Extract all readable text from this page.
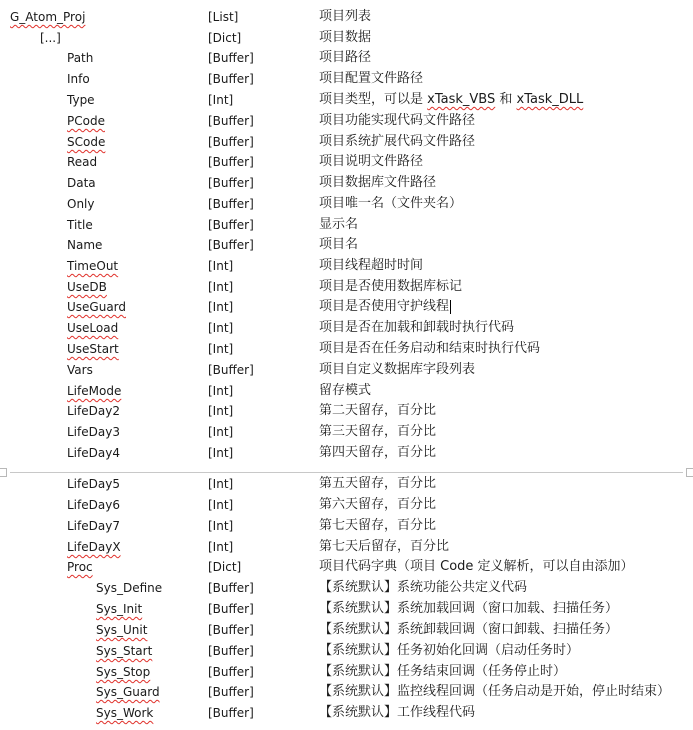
G_Atom_Proj	[List]	项目列表
[...]	[Dict]	项目数据
Path	[Buffer]	项目路径
Info	[Buffer]	项目配置文件路径
Type	[Int]	项目类型，可以是 xTask_VBS 和 xTask_DLL
PCode	[Buffer]	项目功能实现代码文件路径
SCode	[Buffer]	项目系统扩展代码文件路径
Read	[Buffer]	项目说明文件路径
Data	[Buffer]	项目数据库文件路径
Only	[Buffer]	项目唯一名（文件夹名）
Title	[Buffer]	显示名
Name	[Buffer]	项目名
TimeOut	[Int]	项目线程超时时间
UseDB	[Int]	项目是否使用数据库标记
UseGuard	[Int]	项目是否使用守护线程
UseLoad	[Int]	项目是否在加载和卸载时执行代码
UseStart	[Int]	项目是否在任务启动和结束时执行代码
Vars	[Buffer]	项目自定义数据库字段列表
LifeMode	[Int]	留存模式
LifeDay2	[Int]	第二天留存，百分比
LifeDay3	[Int]	第三天留存，百分比
LifeDay4	[Int]	第四天留存，百分比
LifeDay5	[Int]	第五天留存，百分比
LifeDay6	[Int]	第六天留存，百分比
LifeDay7	[Int]	第七天留存，百分比
LifeDayX	[Int]	第七天后留存，百分比
Proc	[Dict]	项目代码字典（项目 Code 定义解析，可以自由添加）
Sys_Define	[Buffer]	【系统默认】系统功能公共定义代码
Sys_Init	[Buffer]	【系统默认】系统加载回调（窗口加载、扫描任务）
Sys_Unit	[Buffer]	【系统默认】系统卸载回调（窗口卸载、扫描任务）
Sys_Start	[Buffer]	【系统默认】任务初始化回调（启动任务时）
Sys_Stop	[Buffer]	【系统默认】任务结束回调（任务停止时）
Sys_Guard	[Buffer]	【系统默认】监控线程回调（任务启动是开始，停止时结束）
Sys_Work	[Buffer]	【系统默认】工作线程代码
